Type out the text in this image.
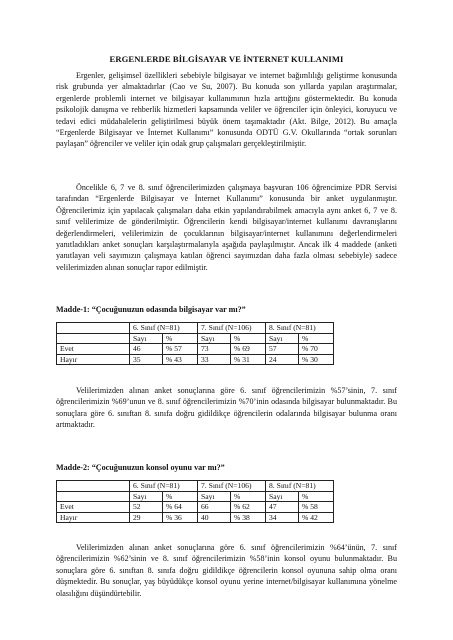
ERGENLERDE BİLGİSAYAR VE İNTERNET KULLANIMI

Ergenler, gelişimsel özellikleri sebebiyle bilgisayar ve internet bağımlılığı geliştirme konusunda risk grubunda yer almaktadırlar (Cao ve Su, 2007). Bu konuda son yıllarda yapılan araştırmalar, ergenlerde problemli internet ve bilgisayar kullanımının hızla arttığını göstermektedir. Bu konuda psikolojik danışma ve rehberlik hizmetleri kapsamında veliler ve öğrenciler için önleyici, koruyucu ve tedavi edici müdahalelerin geliştirilmesi büyük önem taşımaktadır (Akt. Bilge, 2012). Bu amaçla “Ergenlerde Bilgisayar ve İnternet Kullanımı” konusunda ODTÜ G.V. Okullarında “ortak sorunları paylaşan” öğrenciler ve veliler için odak grup çalışmaları gerçekleştirilmiştir.

Öncelikle 6, 7 ve 8. sınıf öğrencilerimizden çalışmaya başvuran 106 öğrencimize PDR Servisi tarafından “Ergenlerde Bilgisayar ve İnternet Kullanımı” konusunda bir anket uygulanmıştır. Öğrencilerimiz için yapılacak çalışmaları daha etkin yapılandırabilmek amacıyla aynı anket 6, 7 ve 8. sınıf velilerimize de gönderilmiştir. Öğrencilerin kendi bilgisayar/internet kullanımı davranışlarını değerlendirmeleri, velilerimizin de çocuklarının bilgisayar/internet kullanımını değerlendirmeleri yanıtladıkları anket sonuçları karşılaştırmalarıyla aşağıda paylaşılmıştır. Ancak ilk 4 maddede (anketi yanıtlayan veli sayımızın çalışmaya katılan öğrenci sayımızdan daha fazla olması sebebiyle) sadece velilerimizden alınan sonuçlar rapor edilmiştir.

Madde-1: “Çocuğunuzun odasında bilgisayar var mı?”
	6. Sınıf (N=81)		7. Sınıf (N=106)		8. Sınıf (N=81)	
	Sayı	%	Sayı	%	Sayı	%
Evet	46	% 57	73	% 69	57	% 70
Hayır	35	% 43	33	% 31	24	% 30

Velilerimizden alınan anket sonuçlarına göre 6. sınıf öğrencilerimizin %57’sinin, 7. sınıf öğrencilerimizin %69’unun ve 8. sınıf öğrencilerimizin %70’inin odasında bilgisayar bulunmaktadır. Bu sonuçlara göre 6. sınıftan 8. sınıfa doğru gidildikçe öğrencilerin odalarında bilgisayar bulunma oranı artmaktadır.

Madde-2: “Çocuğunuzun konsol oyunu var mı?”
	6. Sınıf (N=81)		7. Sınıf (N=106)		8. Sınıf (N=81)	
	Sayı	%	Sayı	%	Sayı	%
Evet	52	% 64	66	% 62	47	% 58
Hayır	29	% 36	40	% 38	34	% 42

Velilerimizden alınan anket sonuçlarına göre 6. sınıf öğrencilerimizin %64’ünün, 7. sınıf öğrencilerimizin %62’sinin ve 8. sınıf öğrencilerimizin %58’inin konsol oyunu bulunmaktadır. Bu sonuçlara göre 6. sınıftan 8. sınıfa doğru gidildikçe öğrencilerin konsol oyununa sahip olma oranı düşmektedir. Bu sonuçlar, yaş büyüdükçe konsol oyunu yerine internet/bilgisayar kullanımına yönelme olasılığını düşündürtebilir.
